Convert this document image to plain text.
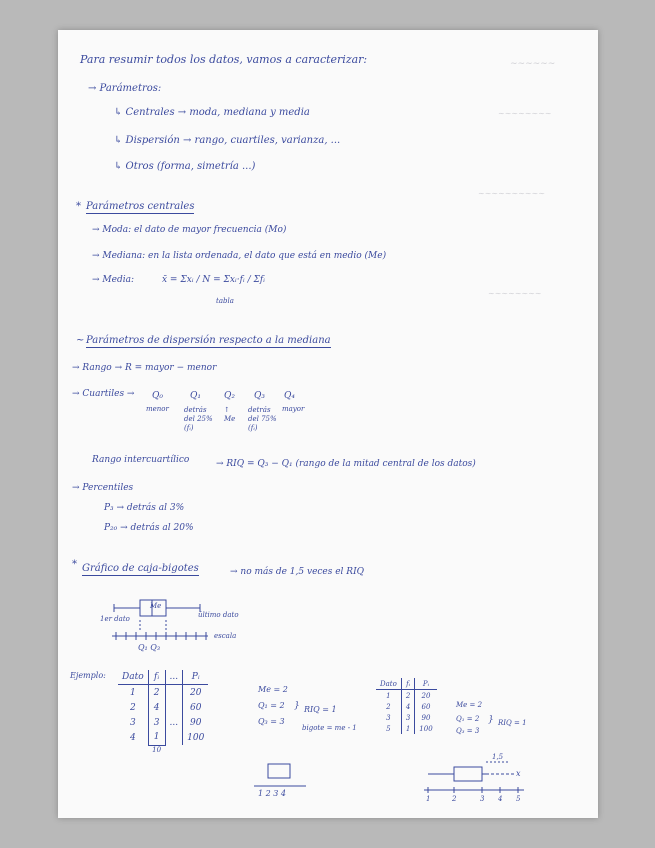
∼∼∼∼∼∼
∼∼∼∼∼∼∼∼
∼∼∼∼∼∼∼∼∼∼
∼∼∼∼∼∼∼∼

Para resumir todos los datos, vamos a caracterizar:

→ Parámetros:

↳ Centrales → moda, mediana y media

↳ Dispersión → rango, cuartiles, varianza, ...

↳ Otros (forma, simetría ...)

* Parámetros centrales

→ Moda: el dato de mayor frecuencia (Mo)

→ Mediana: en la lista ordenada, el dato que está en medio (Me)

→ Media:	x̄ = Σxᵢ / N = Σxᵢ·fᵢ / Σfᵢ

tabla

~ Parámetros de dispersión respecto a la mediana

→ Rango → R = mayor − menor

→ Cuartiles → Q₀	Q₁	Q₂ Q₃ Q₄

menor detrás del 25% (fᵢ)

↑ Me

detrás del 75% (fᵢ)

mayor

Rango intercuartílico	→ RIQ = Q₃ − Q₁ (rango de la mitad central de los datos)

→ Percentiles

P₃ → detrás al 3%

P₂₀ → detrás al 20%

* Gráfico de caja-bigotes	→ no más de 1,5 veces el RIQ

Me

1er dato	último dato

escala

Q₁ Q₃

Ejemplo: Dato	fᵢ	...	Pᵢ
1	2		20
2	4		60
3	3	...	90
4	1		100
	10		

Me = 2

Q₁ = 2

Q₃ = 3

} RIQ = 1

bigote = me - 1

1 2 3 4

Dato	fᵢ	Pᵢ
1	2	20
2	4	60
3	3	90
5	1	100

Me = 2

Q₁ = 2

Q₃ = 3

} RIQ = 1

1,5

x

1	2	3 4 5
